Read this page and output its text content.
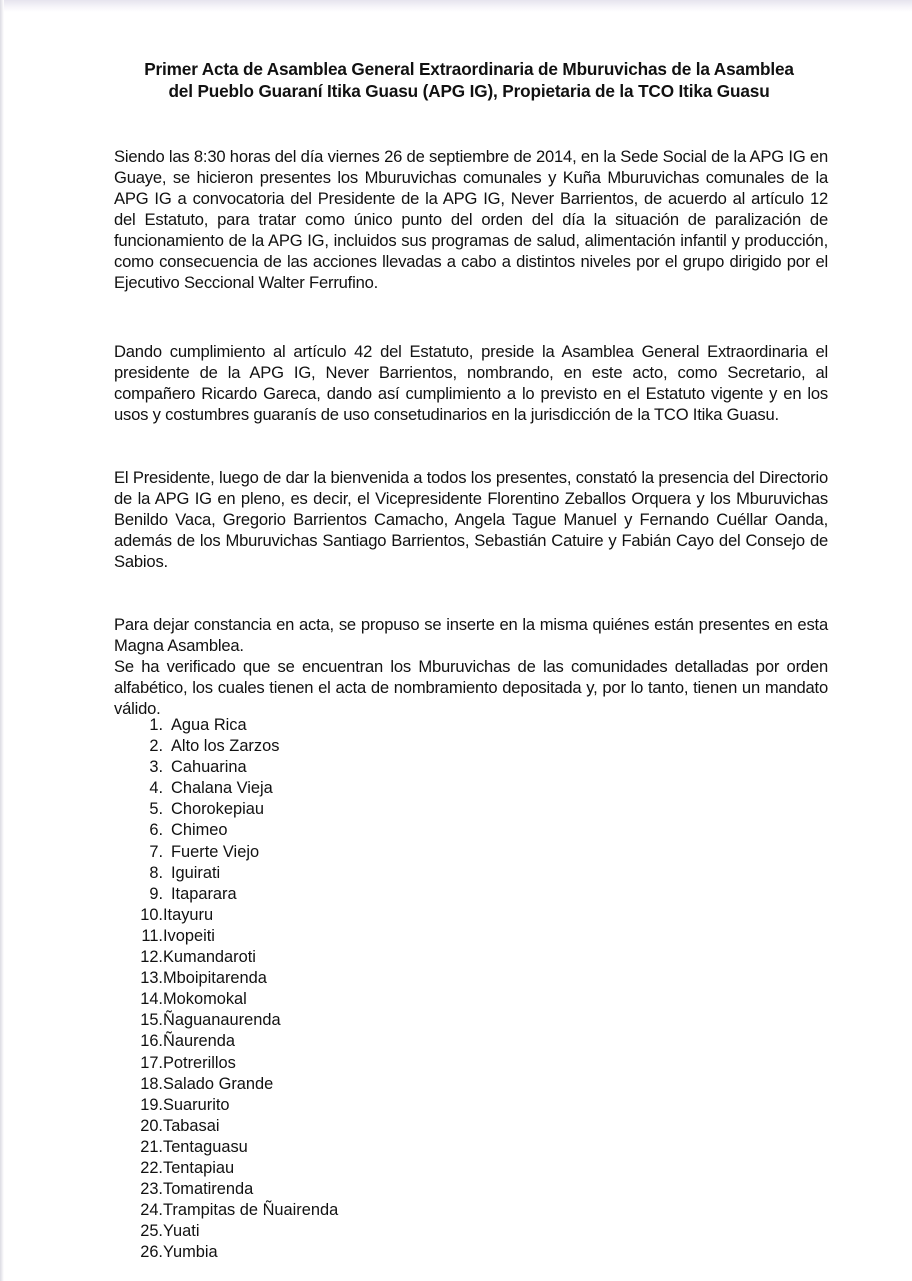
Primer Acta de Asamblea General Extraordinaria de Mburuvichas de la Asamblea
del Pueblo Guaraní Itika Guasu (APG IG), Propietaria de la TCO Itika Guasu

Siendo las 8:30 horas del día viernes 26 de septiembre de 2014, en la Sede Social de la APG IG en Guaye, se hicieron presentes los Mburuvichas comunales y Kuña Mburuvichas comunales de la APG IG a convocatoria del Presidente de la APG IG, Never Barrientos, de acuerdo al artículo 12 del Estatuto, para tratar como único punto del orden del día la situación de paralización de funcionamiento de la APG IG, incluidos sus programas de salud, alimentación infantil y producción, como consecuencia de las acciones llevadas a cabo a distintos niveles por el grupo dirigido por el Ejecutivo Seccional Walter Ferrufino.

Dando cumplimiento al artículo 42 del Estatuto, preside la Asamblea General Extraordinaria el presidente de la APG IG, Never Barrientos, nombrando, en este acto, como Secretario, al compañero Ricardo Gareca, dando así cumplimiento a lo previsto en el Estatuto vigente y en los usos y costumbres guaranís de uso consetudinarios en la jurisdicción de la TCO Itika Guasu.

El Presidente, luego de dar la bienvenida a todos los presentes, constató la presencia del Directorio de la APG IG en pleno, es decir, el Vicepresidente Florentino Zeballos Orquera y los Mburuvichas Benildo Vaca, Gregorio Barrientos Camacho, Angela Tague Manuel y Fernando Cuéllar Oanda, además de los Mburuvichas Santiago Barrientos, Sebastián Catuire y Fabián Cayo del Consejo de Sabios.

Para dejar constancia en acta, se propuso se inserte en la misma quiénes están presentes en esta Magna Asamblea.

Se ha verificado que se encuentran los Mburuvichas de las comunidades detalladas por orden alfabético, los cuales tienen el acta de nombramiento depositada y, por lo tanto, tienen un mandato válido.

1. Agua Rica
2. Alto los Zarzos
3. Cahuarina
4. Chalana Vieja
5. Chorokepiau
6. Chimeo
7. Fuerte Viejo
8. Iguirati
9. Itaparara
10. Itayuru
11. Ivopeiti
12. Kumandaroti
13. Mboipitarenda
14. Mokomokal
15. Ñaguanaurenda
16. Ñaurenda
17. Potrerillos
18. Salado Grande
19. Suarurito
20. Tabasai
21. Tentaguasu
22. Tentapiau
23. Tomatirenda
24. Trampitas de Ñuairenda
25. Yuati
26. Yumbia
